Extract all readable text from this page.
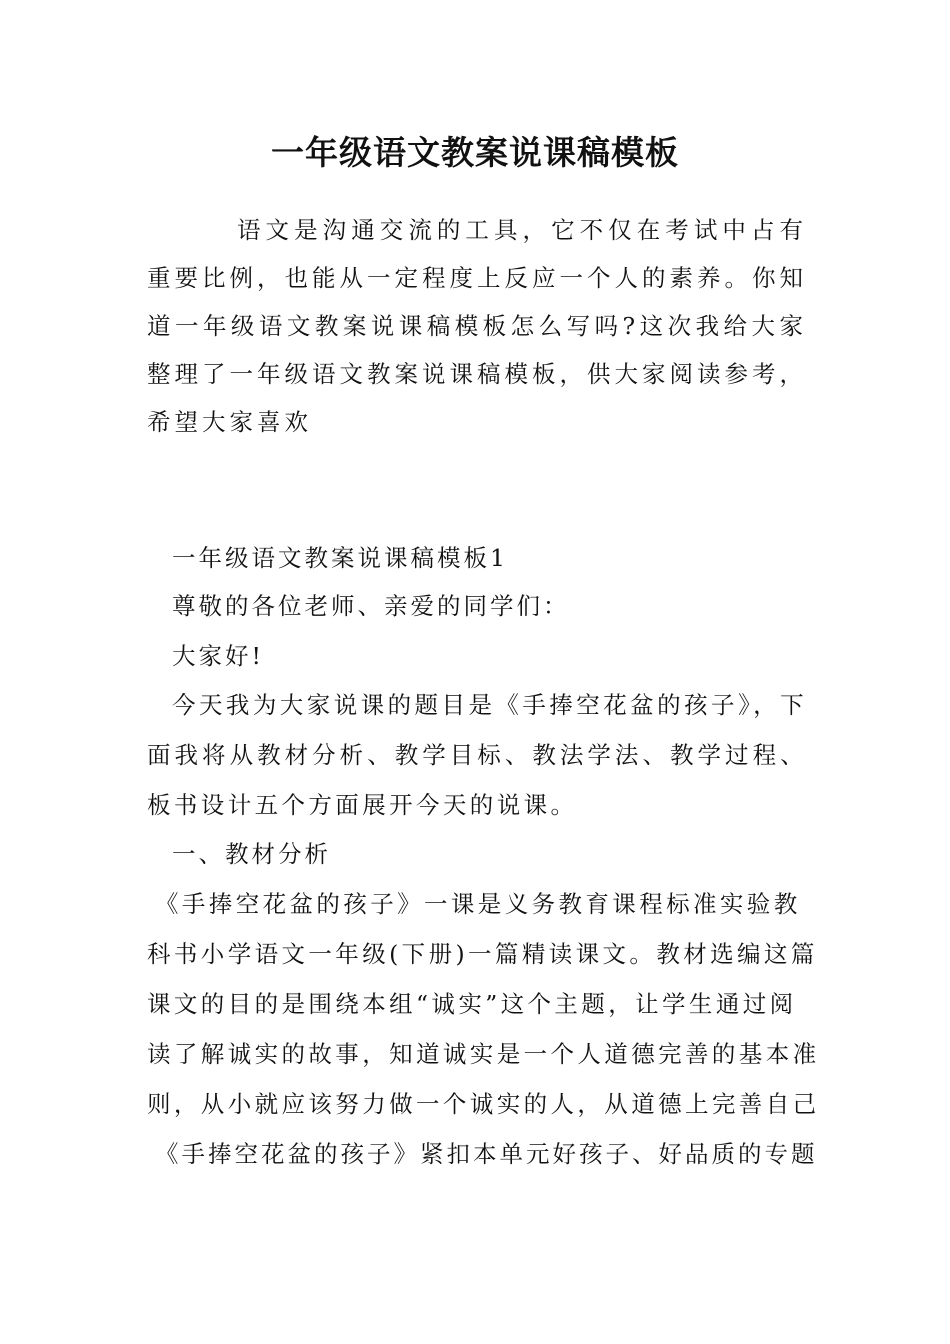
一年级语文教案说课稿模板

语文是沟通交流的工具，它不仅在考试中占有重要比例，也能从一定程度上反应一个人的素养。你知道一年级语文教案说课稿模板怎么写吗?这次我给大家整理了一年级语文教案说课稿模板，供大家阅读参考，希望大家喜欢

一年级语文教案说课稿模板1

尊敬的各位老师、亲爱的同学们：

大家好!

今天我为大家说课的题目是《手捧空花盆的孩子》，下面我将从教材分析、教学目标、教法学法、教学过程、板书设计五个方面展开今天的说课。

一、教材分析

《手捧空花盆的孩子》一课是义务教育课程标准实验教

科书小学语文一年级(下册)一篇精读课文。教材选编这篇

课文的目的是围绕本组“诚实”这个主题，让学生通过阅

读了解诚实的故事，知道诚实是一个人道德完善的基本准

则，从小就应该努力做一个诚实的人，从道德上完善自己

《手捧空花盆的孩子》紧扣本单元好孩子、好品质的专题
